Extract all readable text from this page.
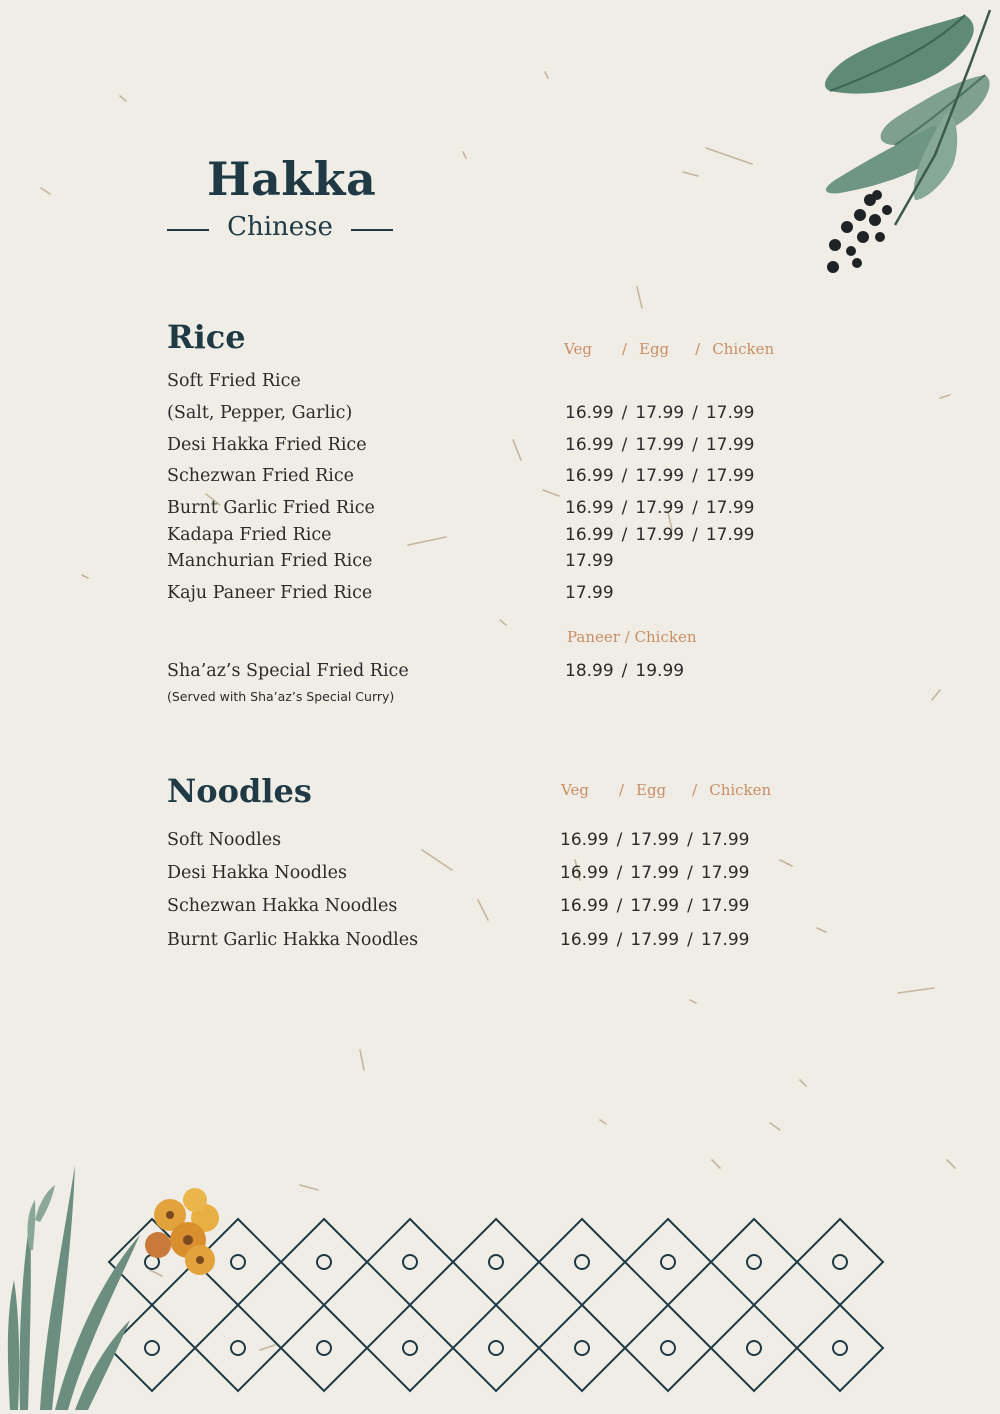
Hakka

Chinese

Rice	Veg / Egg / Chicken
Soft Fried Rice
(Salt, Pepper, Garlic)	16.99 / 17.99 / 17.99
Desi Hakka Fried Rice	16.99 / 17.99 / 17.99
Schezwan Fried Rice	16.99 / 17.99 / 17.99
Burnt Garlic Fried Rice	16.99 / 17.99 / 17.99
Kadapa Fried Rice	16.99 / 17.99 / 17.99
Manchurian Fried Rice	17.99
Kaju Paneer Fried Rice	17.99
Paneer / Chicken
Sha’az’s Special Fried Rice	18.99 / 19.99
(Served with Sha’az’s Special Curry)
Noodles	Veg / Egg / Chicken
Soft Noodles	16.99 / 17.99 / 17.99
Desi Hakka Noodles	16.99 / 17.99 / 17.99
Schezwan Hakka Noodles	16.99 / 17.99 / 17.99
Burnt Garlic Hakka Noodles	16.99 / 17.99 / 17.99
